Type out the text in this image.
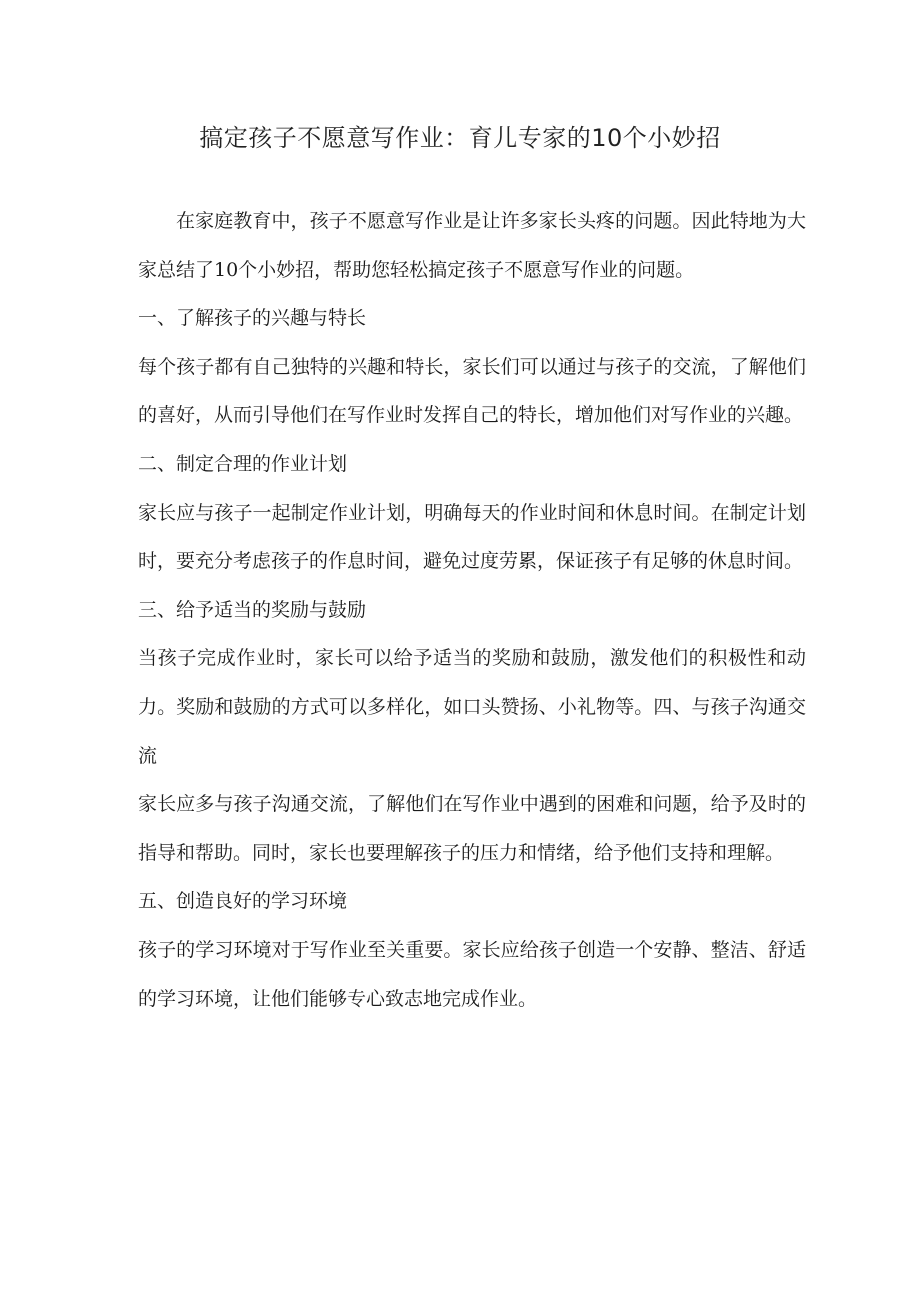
搞定孩子不愿意写作业：育儿专家的10个小妙招

在家庭教育中，孩子不愿意写作业是让许多家长头疼的问题。因此特地为大家总结了10个小妙招，帮助您轻松搞定孩子不愿意写作业的问题。

一、了解孩子的兴趣与特长

每个孩子都有自己独特的兴趣和特长，家长们可以通过与孩子的交流，了解他们的喜好，从而引导他们在写作业时发挥自己的特长，增加他们对写作业的兴趣。

二、制定合理的作业计划

家长应与孩子一起制定作业计划，明确每天的作业时间和休息时间。在制定计划时，要充分考虑孩子的作息时间，避免过度劳累，保证孩子有足够的休息时间。

三、给予适当的奖励与鼓励

当孩子完成作业时，家长可以给予适当的奖励和鼓励，激发他们的积极性和动力。奖励和鼓励的方式可以多样化，如口头赞扬、小礼物等。四、与孩子沟通交流

家长应多与孩子沟通交流，了解他们在写作业中遇到的困难和问题，给予及时的指导和帮助。同时，家长也要理解孩子的压力和情绪，给予他们支持和理解。

五、创造良好的学习环境

孩子的学习环境对于写作业至关重要。家长应给孩子创造一个安静、整洁、舒适的学习环境，让他们能够专心致志地完成作业。
